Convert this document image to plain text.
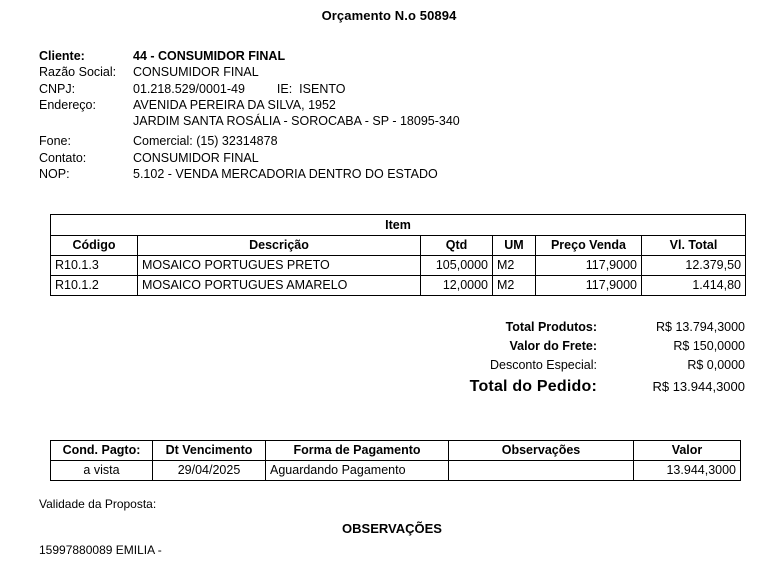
Orçamento N.o 50894
Cliente:	44 - CONSUMIDOR FINAL
Razão Social:	CONSUMIDOR FINAL
CNPJ:	01.218.529/0001-49	IE: ISENTO
Endereço:	AVENIDA PEREIRA DA SILVA, 1952
JARDIM SANTA ROSÁLIA - SOROCABA - SP - 18095-340
Fone:	Comercial: (15) 32314878
Contato:	CONSUMIDOR FINAL
NOP:	5.102 - VENDA MERCADORIA DENTRO DO ESTADO
Item					
Código	Descrição	Qtd	UM	Preço Venda	Vl. Total
R10.1.3	MOSAICO PORTUGUES PRETO	105,0000	M2	117,9000	12.379,50
R10.1.2	MOSAICO PORTUGUES AMARELO	12,0000	M2	117,9000	1.414,80
Total Produtos:	R$ 13.794,3000
Valor do Frete:	R$ 150,0000
Desconto Especial:	R$ 0,0000
Total do Pedido:	R$ 13.944,3000
Cond. Pagto:	Dt Vencimento	Forma de Pagamento	Observações	Valor
a vista	29/04/2025	Aguardando Pagamento		13.944,3000
Validade da Proposta:
OBSERVAÇÕES
15997880089 EMILIA -
